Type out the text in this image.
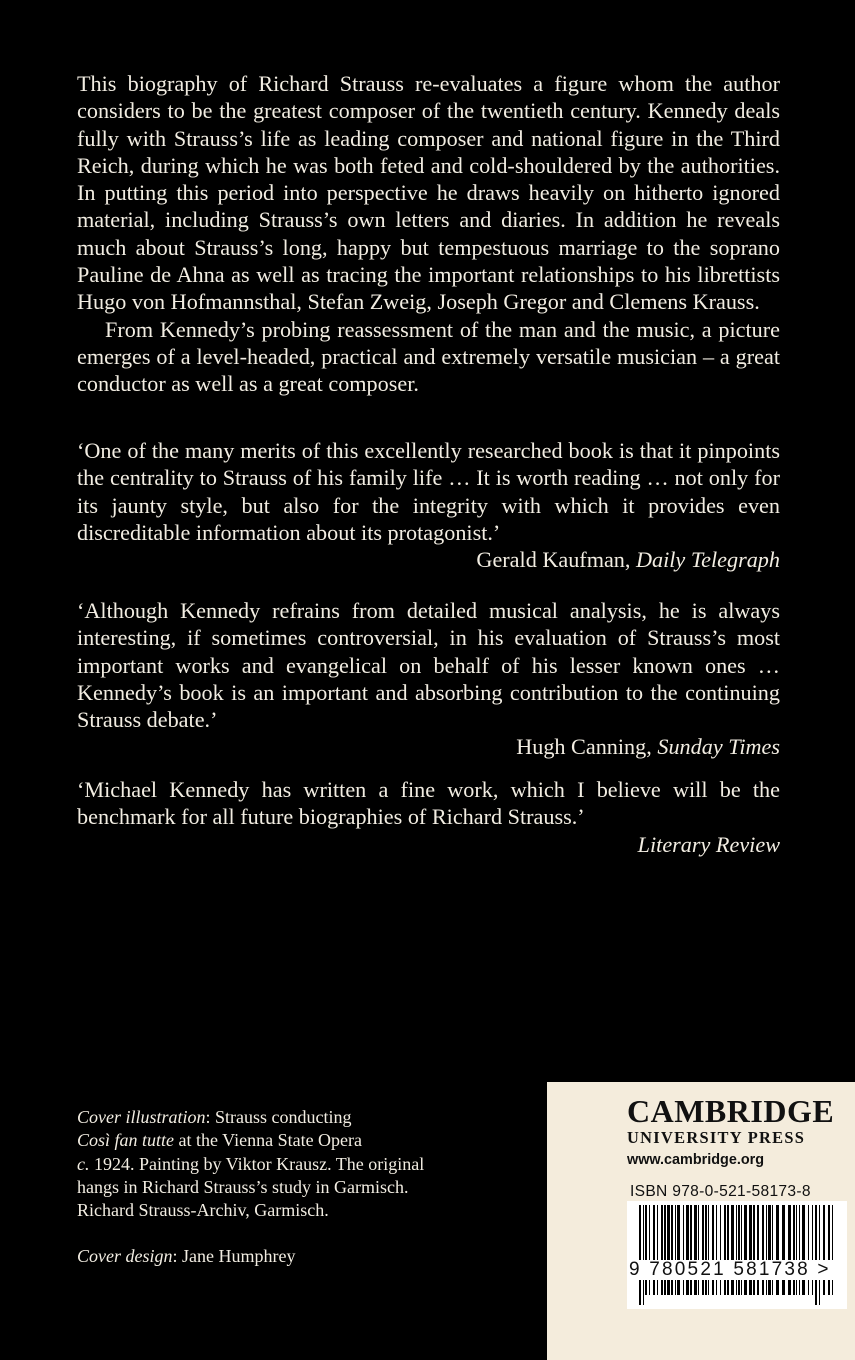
This biography of Richard Strauss re-evaluates a figure whom the author considers to be the greatest composer of the twentieth century. Kennedy deals fully with Strauss’s life as leading composer and national figure in the Third Reich, during which he was both feted and cold-shouldered by the authorities. In putting this period into perspective he draws heavily on hitherto ignored material, including Strauss’s own letters and diaries. In addition he reveals much about Strauss’s long, happy but tempestuous marriage to the soprano Pauline de Ahna as well as tracing the important relationships to his librettists Hugo von Hofmannsthal, Stefan Zweig, Joseph Gregor and Clemens Krauss.

From Kennedy’s probing reassessment of the man and the music, a picture emerges of a level-headed, practical and extremely versatile musician – a great conductor as well as a great composer.

‘One of the many merits of this excellently researched book is that it pinpoints the centrality to Strauss of his family life … It is worth reading … not only for its jaunty style, but also for the integrity with which it provides even discreditable information about its protagonist.’

Gerald Kaufman, Daily Telegraph

‘Although Kennedy refrains from detailed musical analysis, he is always interesting, if sometimes controversial, in his evaluation of Strauss’s most important works and evangelical on behalf of his lesser known ones … Kennedy’s book is an important and absorbing contribution to the continuing Strauss debate.’

Hugh Canning, Sunday Times

‘Michael Kennedy has written a fine work, which I believe will be the benchmark for all future biographies of Richard Strauss.’

Literary Review

Cover illustration: Strauss conducting
Così fan tutte at the Vienna State Opera
c. 1924. Painting by Viktor Krausz. The original hangs in Richard Strauss’s study in Garmisch. Richard Strauss-Archiv, Garmisch.

Cover design: Jane Humphrey

CAMBRIDGE
UNIVERSITY PRESS
www.cambridge.org
ISBN 978-0-521-58173-8
9 780521 581738 >
